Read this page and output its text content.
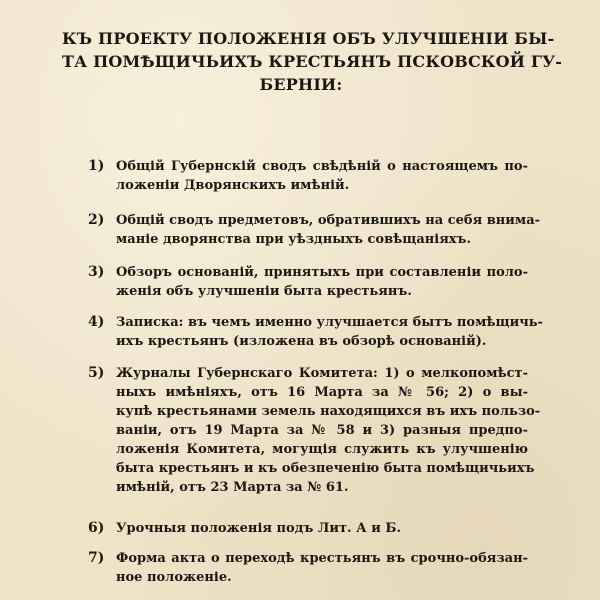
КЪ ПРОЕКТУ ПОЛОЖЕНІЯ ОБЪ УЛУЧШЕНІИ БЫ-
ТА ПОМѢЩИЧЬИХЪ КРЕСТЬЯНЪ ПСКОВСКОЙ ГУ-
БЕРНІИ:
1) Общій Губернскій сводъ свѣдѣній о настоящемъ по-
ложеніи Дворянскихъ имѣній.
2) Общій сводъ предметовъ, обратившихъ на себя внима-
маніе дворянства при уѣздныхъ совѣщаніяхъ.
3) Обзоръ основаній, принятыхъ при составленіи поло-
женія объ улучшеніи быта крестьянъ.
4) Записка: въ чемъ именно улучшается бытъ помѣщичь-
ихъ крестьянъ (изложена въ обзорѣ основаній).
5) Журналы Губернскаго Комитета: 1) о мелкопомѣст-
ныхъ имѣніяхъ, отъ 16 Марта за № 56; 2) о вы-
купѣ крестьянами земель находящихся въ ихъ пользо-
ваніи, отъ 19 Марта за № 58 и 3) разныя предпо-
ложенія Комитета, могущія служить къ улучшенію
быта крестьянъ и къ обезпеченію быта помѣщичьихъ
имѣній, отъ 23 Марта за № 61.
6) Урочныя положенія подъ Лит. А и Б.
7) Форма акта о переходѣ крестьянъ въ срочно-обязан-
ное положеніе.
